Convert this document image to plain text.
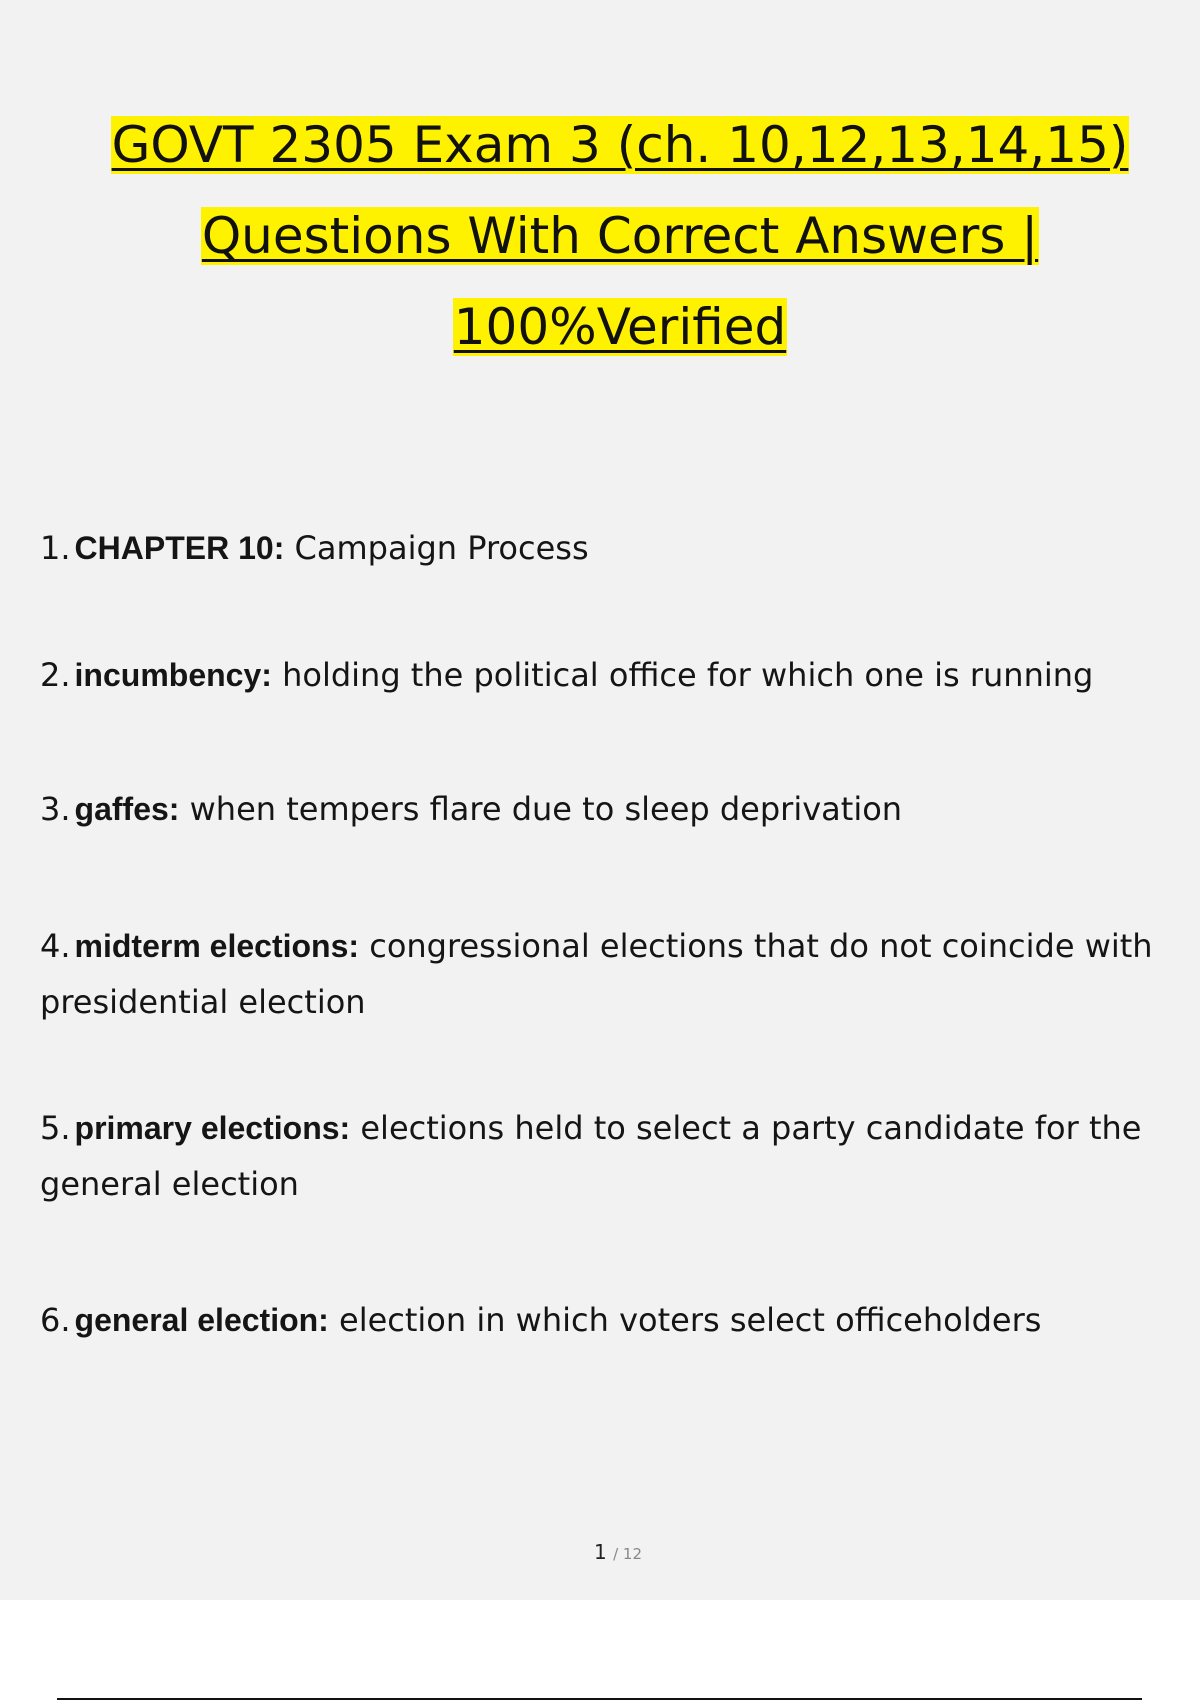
GOVT 2305 Exam 3 (ch. 10,12,13,14,15)

Questions With Correct Answers |

100%Verified

1. CHAPTER 10: Campaign Process

2. incumbency: holding the political office for which one is running

3. gaffes: when tempers flare due to sleep deprivation

4. midterm elections: congressional elections that do not coincide with presidential election

5. primary elections: elections held to select a party candidate for the general election

6. general election: election in which voters select officeholders

1 / 12
